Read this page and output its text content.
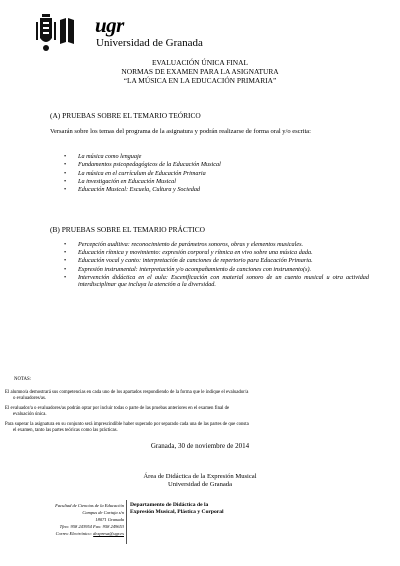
ugr
Universidad de Granada
EVALUACIÓN ÚNICA FINAL
NORMAS DE EXAMEN PARA LA ASIGNATURA
“LA MÚSICA EN LA EDUCACIÓN PRIMARIA”
(A) PRUEBAS SOBRE EL TEMARIO TEÓRICO
Versarán sobre los temas del programa de la asignatura y podrán realizarse de forma oral y/o escrita:
• La música como lenguaje
• Fundamentos psicopedagógicos de la Educación Musical
• La música en el currículum de Educación Primaria
• La investigación en Educación Musical
• Educación Musical: Escuela, Cultura y Sociedad
(B) PRUEBAS SOBRE EL TEMARIO PRÁCTICO
• Percepción auditiva: reconocimiento de parámetros sonoros, obras y elementos musicales.
• Educación rítmica y movimiento: expresión corporal y rítmica en vivo sobre una música dada.
• Educación vocal y canto: interpretación de canciones de repertorio para Educación Primaria.
• Expresión instrumental: interpretación y/o acompañamiento de canciones con instrumento(s).
• Intervención didáctica en el aula: Escenificación con material sonoro de un cuento musical u otra actividad interdisciplinar que incluya la atención a la diversidad.
NOTAS:
El alumno/a demostrará sus competencias en cada uno de los apartados respondiendo de la forma que le indique el evaluador/a
o evaluadores/as.
El evaluador/a o evaluadores/as podrán optar por incluir todas o parte de las pruebas anteriores en el examen final de
evaluación única.
Para superar la asignatura en su conjunto será imprescindible haber superado por separado cada una de las partes de que consta
el examen, tanto las partes teóricas como las prácticas.
Granada, 30 de noviembre de 2014
Área de Didáctica de la Expresión Musical
Universidad de Granada
Facultad de Ciencias de la Educación
Campus de Cartuja s/n
18071 Granada
Tfno: 958 243954 Fax: 958 249653
Correo Electrónico: dexpresa@ugr.es
Departamento de Didáctica de la
Expresión Musical, Plástica y Corporal
